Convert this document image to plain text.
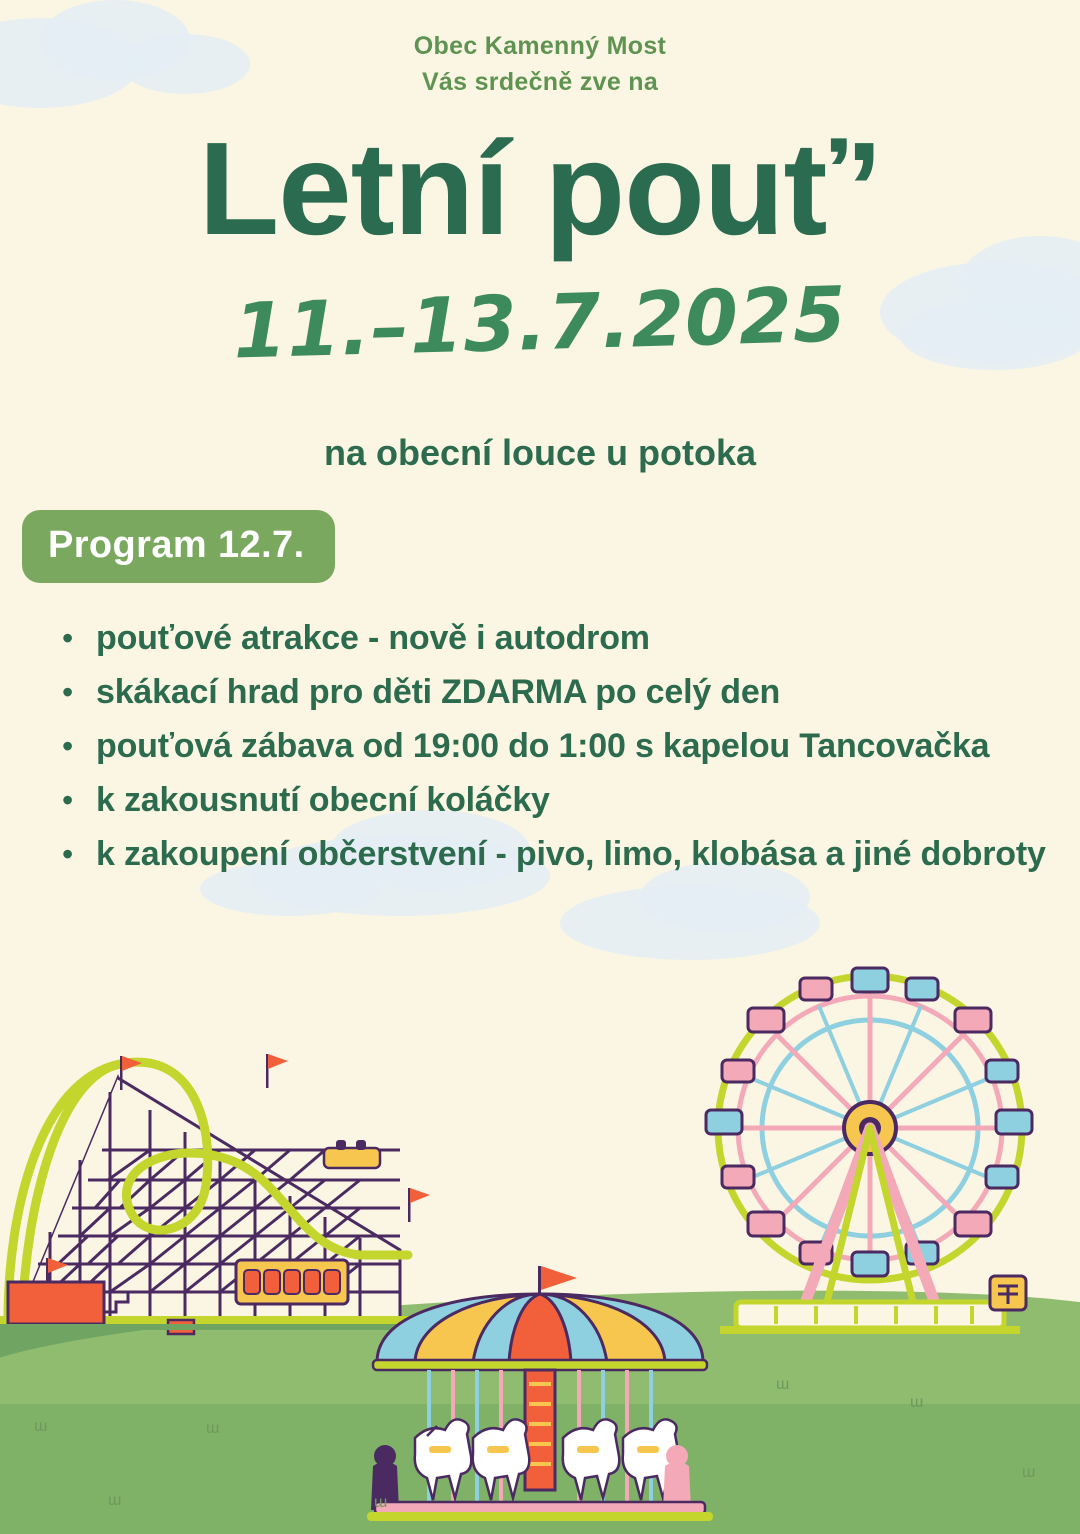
Obec Kamenný Most
Vás srdečně zve na
Letní pouť’
11.–13.7.2025
na obecní louce u potoka
Program 12.7.
• pouťové atrakce - nově i autodrom
• skákací hrad pro děti ZDARMA po celý den
• pouťová zábava od 19:00 do 1:00 s kapelou Tancovačka
• k zakousnutí obecní koláčky
• k zakoupení občerstvení - pivo, limo, klobása a jiné dobroty
ɯ	ɯ
ɯ	ɯ
ɯ
ɯ
ɯ
